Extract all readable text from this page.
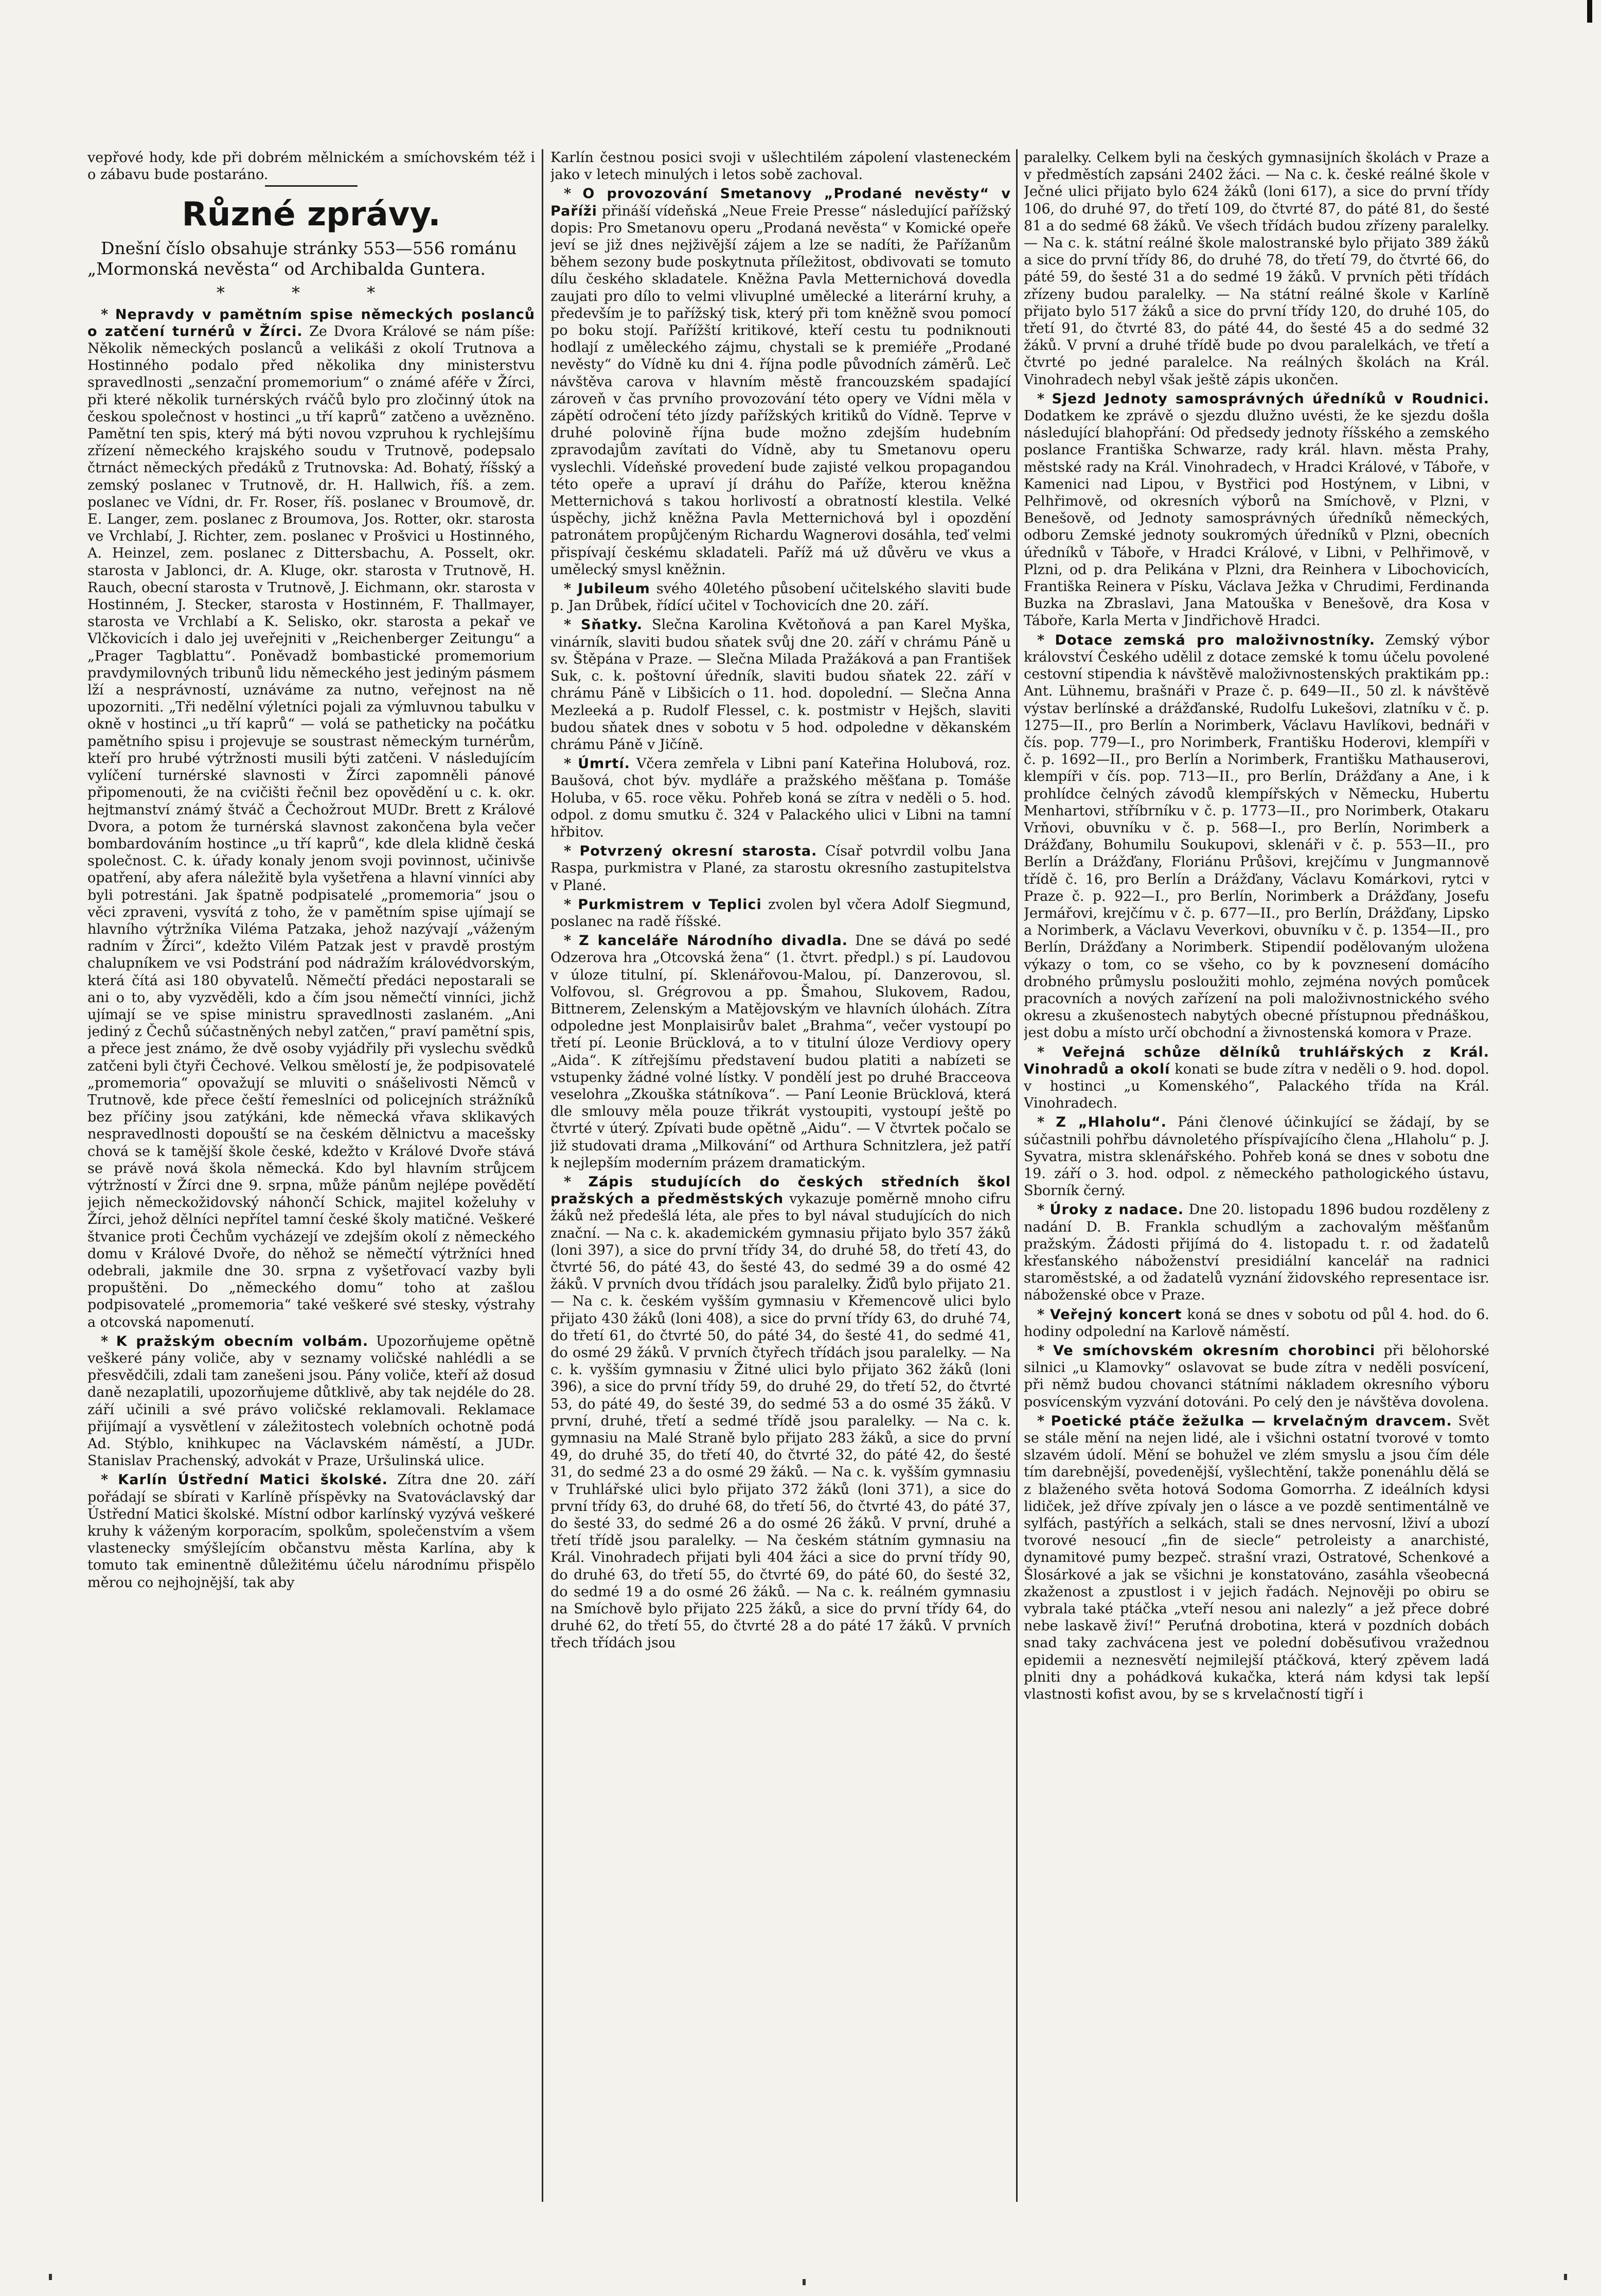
vepřové hody, kde při dobrém mělnickém a smíchovském též i o zábavu bude postaráno.

Různé zprávy.
Dnešní číslo obsahuje stránky 553—556 románu „Mormonská nevěsta“ od Archibalda Guntera.
* * *

* Nepravdy v pamětním spise německých poslanců o zatčení turnérů v Žírci. Ze Dvora Králové se nám píše: Několik německých poslanců a velikáši z okolí Trutnova a Hostinného podalo před několika dny ministerstvu spravedlnosti „senzační promemorium“ o známé aféře v Žírci, při které několik turnérských rváčů bylo pro zločinný útok na českou společnost v hostinci „u tří kaprů“ zatčeno a uvězněno. Pamětní ten spis, který má býti novou vzpruhou k rychlejšímu zřízení německého krajského soudu v Trutnově, podepsalo čtrnáct německých předáků z Trutnovska: Ad. Bohatý, říšský a zemský poslanec v Trutnově, dr. H. Hallwich, říš. a zem. poslanec ve Vídni, dr. Fr. Roser, říš. poslanec v Broumově, dr. E. Langer, zem. poslanec z Broumova, Jos. Rotter, okr. starosta ve Vrchlabí, J. Richter, zem. poslanec v Prošvici u Hostinného, A. Heinzel, zem. poslanec z Dittersbachu, A. Posselt, okr. starosta v Jablonci, dr. A. Kluge, okr. starosta v Trutnově, H. Rauch, obecní starosta v Trutnově, J. Eichmann, okr. starosta v Hostinném, J. Stecker, starosta v Hostinném, F. Thallmayer, starosta ve Vrchlabí a K. Selisko, okr. starosta a pekař ve Vlčkovicích i dalo jej uveřejniti v „Reichenberger Zeitungu“ a „Prager Tagblattu“. Poněvadž bombastické promemorium pravdymilovných tribunů lidu německého jest jediným pásmem lží a nesprávností, uznáváme za nutno, veřejnost na ně upozorniti. „Tři nedělní výletníci pojali za výmluvnou tabulku v okně v hostinci „u tří kaprů“ — volá se patheticky na počátku pamětního spisu i projevuje se soustrast německým turnérům, kteří pro hrubé výtržnosti musili býti zatčeni. V následujícím vylíčení turnérské slavnosti v Žírci zapomněli pánové připomenouti, že na cvičišti řečnil bez opovědění u c. k. okr. hejtmanství známý štváč a Čechožrout MUDr. Brett z Králové Dvora, a potom že turnérská slavnost zakončena byla večer bombardováním hostince „u tří kaprů“, kde dlela klidně česká společnost. C. k. úřady konaly jenom svoji povinnost, učinivše opatření, aby afera náležitě byla vyšetřena a hlavní vinníci aby byli potrestáni. Jak špatně podpisatelé „promemoria“ jsou o věci zpraveni, vysvítá z toho, že v pamětním spise ujímají se hlavního výtržníka Viléma Patzaka, jehož nazývají „váženým radním v Žírci“, kdežto Vilém Patzak jest v pravdě prostým chalupníkem ve vsi Podstrání pod nádražím královédvorským, která čítá asi 180 obyvatelů. Němečtí předáci nepostarali se ani o to, aby vyzvěděli, kdo a čím jsou němečtí vinníci, jichž ujímají se ve spise ministru spravedlnosti zaslaném. „Ani jediný z Čechů súčastněných nebyl zatčen,“ praví pamětní spis, a přece jest známo, že dvě osoby vyjádřily při vyslechu svědků zatčeni byli čtyři Čechové. Velkou smělostí je, že podpisovatelé „promemoria“ opovažují se mluviti o snášelivosti Němců v Trutnově, kde přece čeští řemeslníci od policejních strážníků bez příčiny jsou zatýkáni, kde německá vřava sklikavých nespravedlnosti dopouští se na českém dělnictvu a macešsky chová se k tamější škole české, kdežto v Králové Dvoře stává se právě nová škola německá. Kdo byl hlavním strůjcem výtržností v Žírci dne 9. srpna, může pánům nejlépe povědětí jejich německožidovský náhončí Schick, majitel koželuhy v Žírci, jehož dělníci nepřítel tamní české školy matičné. Veškeré štvanice proti Čechům vycházejí ve zdejším okolí z německého domu v Králové Dvoře, do něhož se němečtí výtržníci hned odebrali, jakmile dne 30. srpna z vyšetřovací vazby byli propuštěni. Do „německého domu“ toho at zašlou podpisovatelé „promemoria“ také veškeré své stesky, výstrahy a otcovská napomenutí.

* K pražským obecním volbám. Upozorňujeme opětně veškeré pány voliče, aby v seznamy voličské nahlédli a se přesvědčili, zdali tam zanešeni jsou. Pány voliče, kteří až dosud daně nezaplatili, upozorňujeme důtklivě, aby tak nejdéle do 28. září učinili a své právo voličské reklamovali. Reklamace přijímají a vysvětlení v záležitostech volebních ochotně podá Ad. Stýblo, knihkupec na Václavském náměstí, a JUDr. Stanislav Prachenský, advokát v Praze, Uršulinská ulice.

* Karlín Ústřední Matici školské. Zítra dne 20. září pořádají se sbírati v Karlíně příspěvky na Svatováclavský dar Ústřední Matici školské. Místní odbor karlínský vyzývá veškeré kruhy k váženým korporacím, spolkům, společenstvím a všem vlastenecky smýšlejícím občanstvu města Karlína, aby k tomuto tak eminentně důležitému účelu národnímu přispělo měrou co nejhojnější, tak aby

Karlín čestnou posici svoji v ušlechtilém zápolení vlasteneckém jako v letech minulých i letos sobě zachoval.

* O provozování Smetanovy „Prodané nevěsty“ v Paříži přináší vídeňská „Neue Freie Presse“ následující pařížský dopis: Pro Smetanovu operu „Prodaná nevěsta“ v Komické opeře jeví se již dnes nejživější zájem a lze se nadíti, že Pařížanům během sezony bude poskytnuta příležitost, obdivovati se tomuto dílu českého skladatele. Kněžna Pavla Metternichová dovedla zaujati pro dílo to velmi vlivuplné umělecké a literární kruhy, a především je to pařížský tisk, který při tom kněžně svou pomocí po boku stojí. Pařížští kritikové, kteří cestu tu podniknouti hodlají z uměleckého zájmu, chystali se k premiéře „Prodané nevěsty“ do Vídně ku dni 4. října podle původních záměrů. Leč návštěva carova v hlavním městě francouzském spadající zároveň v čas prvního provozování této opery ve Vídni měla v zápětí odročení této jízdy pařížských kritiků do Vídně. Teprve v druhé polovině října bude možno zdejším hudebním zpravodajům zavítati do Vídně, aby tu Smetanovu operu vyslechli. Vídeňské provedení bude zajisté velkou propagandou této opeře a upraví jí dráhu do Paříže, kterou kněžna Metternichová s takou horlivostí a obratností klestila. Velké úspěchy, jichž kněžna Pavla Metternichová byl i opozdění patronátem propůjčeným Richardu Wagnerovi dosáhla, teď velmi přispívají českému skladateli. Paříž má už důvěru ve vkus a umělecký smysl kněžnin.

* Jubileum svého 40letého působení učitelského slaviti bude p. Jan Drůbek, řídící učitel v Tochovicích dne 20. září.

* Sňatky. Slečna Karolina Květoňová a pan Karel Myška, vinárník, slaviti budou sňatek svůj dne 20. září v chrámu Páně u sv. Štěpána v Praze. — Slečna Milada Pražáková a pan František Suk, c. k. poštovní úředník, slaviti budou sňatek 22. září v chrámu Páně v Libšicích o 11. hod. dopolední. — Slečna Anna Mezleeká a p. Rudolf Flessel, c. k. postmistr v Hejšch, slaviti budou sňatek dnes v sobotu v 5 hod. odpoledne v děkanském chrámu Páně v Jičíně.

* Úmrtí. Včera zemřela v Libni paní Kateřina Holubová, roz. Baušová, chot býv. mydláře a pražského měšťana p. Tomáše Holuba, v 65. roce věku. Pohřeb koná se zítra v neděli o 5. hod. odpol. z domu smutku č. 324 v Palackého ulici v Libni na tamní hřbitov.

* Potvrzený okresní starosta. Císař potvrdil volbu Jana Raspa, purkmistra v Plané, za starostu okresního zastupitelstva v Plané.

* Purkmistrem v Teplici zvolen byl včera Adolf Siegmund, poslanec na radě říšské.

* Z kanceláře Národního divadla. Dne se dává po sedé Odzerova hra „Otcovská žena“ (1. čtvrt. předpl.) s pí. Laudovou v úloze titulní, pí. Sklenářovou-Malou, pí. Danzerovou, sl. Volfovou, sl. Grégrovou a pp. Šmahou, Slukovem, Radou, Bittnerem, Zelenským a Matějovským ve hlavních úlohách. Zítra odpoledne jest Monplaisirův balet „Brahma“, večer vystoupí po třetí pí. Leonie Brücklová, a to v titulní úloze Verdiovy opery „Aida“. K zítřejšímu představení budou platiti a nabízeti se vstupenky žádné volné lístky. V pondělí jest po druhé Bracceova veselohra „Zkouška státníkova“. — Paní Leonie Brücklová, která dle smlouvy měla pouze třikrát vystoupiti, vystoupí ještě po čtvrté v úterý. Zpívati bude opětně „Aidu“. — V čtvrtek počalo se již studovati drama „Milkování“ od Arthura Schnitzlera, jež patří k nejlepším moderním prázem dramatickým.

* Zápis studujících do českých středních škol pražských a předměstských vykazuje poměrně mnoho cifru žáků než předešlá léta, ale přes to byl nával studujících do nich znační. — Na c. k. akademickém gymnasiu přijato bylo 357 žáků (loni 397), a sice do první třídy 34, do druhé 58, do třetí 43, do čtvrté 56, do páté 43, do šesté 43, do sedmé 39 a do osmé 42 žáků. V prvních dvou třídách jsou paralelky. Žiďů bylo přijato 21. — Na c. k. českém vyšším gymnasiu v Křemencově ulici bylo přijato 430 žáků (loni 408), a sice do první třídy 63, do druhé 74, do třetí 61, do čtvrté 50, do páté 34, do šesté 41, do sedmé 41, do osmé 29 žáků. V prvních čtyřech třídách jsou paralelky. — Na c. k. vyšším gymnasiu v Žitné ulici bylo přijato 362 žáků (loni 396), a sice do první třídy 59, do druhé 29, do třetí 52, do čtvrté 53, do páté 49, do šesté 39, do sedmé 53 a do osmé 35 žáků. V první, druhé, třetí a sedmé třídě jsou paralelky. — Na c. k. gymnasiu na Malé Straně bylo přijato 283 žáků, a sice do první 49, do druhé 35, do třetí 40, do čtvrté 32, do páté 42, do šesté 31, do sedmé 23 a do osmé 29 žáků. — Na c. k. vyšším gymnasiu v Truhlářské ulici bylo přijato 372 žáků (loni 371), a sice do první třídy 63, do druhé 68, do třetí 56, do čtvrté 43, do páté 37, do šesté 33, do sedmé 26 a do osmé 26 žáků. V první, druhé a třetí třídě jsou paralelky. — Na českém státním gymnasiu na Král. Vinohradech přijati byli 404 žáci a sice do první třídy 90, do druhé 63, do třetí 55, do čtvrté 69, do páté 60, do šesté 32, do sedmé 19 a do osmé 26 žáků. — Na c. k. reálném gymnasiu na Smíchově bylo přijato 225 žáků, a sice do první třídy 64, do druhé 62, do třetí 55, do čtvrté 28 a do páté 17 žáků. V prvních třech třídách jsou

paralelky. Celkem byli na českých gymnasijních školách v Praze a v předměstích zapsáni 2402 žáci. — Na c. k. české reálné škole v Ječné ulici přijato bylo 624 žáků (loni 617), a sice do první třídy 106, do druhé 97, do třetí 109, do čtvrté 87, do páté 81, do šesté 81 a do sedmé 68 žáků. Ve všech třídách budou zřízeny paralelky. — Na c. k. státní reálné škole malostranské bylo přijato 389 žáků a sice do první třídy 86, do druhé 78, do třetí 79, do čtvrté 66, do páté 59, do šesté 31 a do sedmé 19 žáků. V prvních pěti třídách zřízeny budou paralelky. — Na státní reálné škole v Karlíně přijato bylo 517 žáků a sice do první třídy 120, do druhé 105, do třetí 91, do čtvrté 83, do páté 44, do šesté 45 a do sedmé 32 žáků. V první a druhé třídě bude po dvou paralelkách, ve třetí a čtvrté po jedné paralelce. Na reálných školách na Král. Vinohradech nebyl však ještě zápis ukončen.

* Sjezd Jednoty samosprávných úředníků v Roudnici. Dodatkem ke zprávě o sjezdu dlužno uvésti, že ke sjezdu došla následující blahopřání: Od předsedy jednoty říšského a zemského poslance Františka Schwarze, rady král. hlavn. města Prahy, městské rady na Král. Vinohradech, v Hradci Králové, v Táboře, v Kamenici nad Lipou, v Bystřici pod Hostýnem, v Libni, v Pelhřimově, od okresních výborů na Smíchově, v Plzni, v Benešově, od Jednoty samosprávných úředníků německých, odboru Zemské jednoty soukromých úředníků v Plzni, obecních úředníků v Táboře, v Hradci Králové, v Libni, v Pelhřimově, v Plzni, od p. dra Pelikána v Plzni, dra Reinhera v Libochovicích, Františka Reinera v Písku, Václava Ježka v Chrudimi, Ferdinanda Buzka na Zbraslavi, Jana Matouška v Benešově, dra Kosa v Táboře, Karla Merta v Jindřichově Hradci.

* Dotace zemská pro maloživnostníky. Zemský výbor království Českého udělil z dotace zemské k tomu účelu povolené cestovní stipendia k návštěvě maloživnostenských praktikám pp.: Ant. Lühnemu, brašnáři v Praze č. p. 649—II., 50 zl. k návštěvě výstav berlínské a drážďanské, Rudolfu Lukešovi, zlatníku v č. p. 1275—II., pro Berlín a Norimberk, Václavu Havlíkovi, bednáři v čís. pop. 779—I., pro Norimberk, Františku Hoderovi, klempíři v č. p. 1692—II., pro Berlín a Norimberk, Františku Mathauserovi, klempíři v čís. pop. 713—II., pro Berlín, Drážďany a Ane, i k prohlídce čelných závodů klempířských v Německu, Hubertu Menhartovi, stříbrníku v č. p. 1773—II., pro Norimberk, Otakaru Vrňovi, obuvníku v č. p. 568—I., pro Berlín, Norimberk a Drážďany, Bohumilu Soukupovi, sklenáři v č. p. 553—II., pro Berlín a Drážďany, Floriánu Průšovi, krejčímu v Jungmannově třídě č. 16, pro Berlín a Drážďany, Václavu Komárkovi, rytci v Praze č. p. 922—I., pro Berlín, Norimberk a Drážďany, Josefu Jermářovi, krejčímu v č. p. 677—II., pro Berlín, Drážďany, Lipsko a Norimberk, a Václavu Veverkovi, obuvníku v č. p. 1354—II., pro Berlín, Drážďany a Norimberk. Stipendií podělovaným uložena výkazy o tom, co se všeho, co by k povznesení domácího drobného průmyslu posloužiti mohlo, zejména nových pomůcek pracovních a nových zařízení na poli maloživnostnického svého okresu a zkušenostech nabytých obecné přístupnou přednáškou, jest dobu a místo určí obchodní a živnostenská komora v Praze.

* Veřejná schůze dělníků truhlářských z Král. Vinohradů a okolí konati se bude zítra v neděli o 9. hod. dopol. v hostinci „u Komenského“, Palackého třída na Král. Vinohradech.

* Z „Hlaholu“. Páni členové účinkující se žádají, by se súčastnili pohřbu dávnoletého příspívajícího člena „Hlaholu“ p. J. Syvatra, mistra sklenářského. Pohřeb koná se dnes v sobotu dne 19. září o 3. hod. odpol. z německého pathologického ústavu, Sborník černý.

* Úroky z nadace. Dne 20. listopadu 1896 budou rozděleny z nadání D. B. Frankla schudlým a zachovalým měšťanům pražským. Žádosti přijímá do 4. listopadu t. r. od žadatelů křesťanského náboženství presidiální kancelář na radnici staroměstské, a od žadatelů vyznání židovského representace isr. náboženské obce v Praze.

* Veřejný koncert koná se dnes v sobotu od půl 4. hod. do 6. hodiny odpolední na Karlově náměstí.

* Ve smíchovském okresním chorobinci při bělohorské silnici „u Klamovky“ oslavovat se bude zítra v neděli posvícení, při němž budou chovanci státními nákladem okresního výboru posvícenským vyzvání dotováni. Po celý den je návštěva dovolena.

* Poetické ptáče žežulka — krvelačným dravcem. Svět se stále mění na nejen lidé, ale i všichni ostatní tvorové v tomto slzavém údolí. Mění se bohužel ve zlém smyslu a jsou čím déle tím darebnější, povedenější, vyšlechtění, takže ponenáhlu dělá se z blaženého světa hotová Sodoma Gomorrha. Z ideálních kdysi lidiček, jež dříve zpívaly jen o lásce a ve pozdě sentimentálně ve sylfách, pastýřích a selkách, stali se dnes nervosní, lživí a ubozí tvorové nesoucí „fin de siecle“ petroleisty a anarchisté, dynamitové pumy bezpeč. strašní vrazi, Ostratové, Schenkové a Šlosárkové a jak se všichni je konstatováno, zasáhla všeobecná zkaženost a zpustlost i v jejich řadách. Nejnověji po obiru se vybrala také ptáčka „vteří nesou ani nalezly“ a jež přece dobré nebe laskavě živí!“ Peruťná drobotina, která v pozdních dobách snad taky zachvácena jest ve polední doběsuťivou vražednou epidemii a neznesvětí nejmilejší ptáčková, který zpěvem ladá plniti dny a pohádková kukačka, která nám kdysi tak lepší vlastnosti kofist avou, by se s krvelačností tigří i
